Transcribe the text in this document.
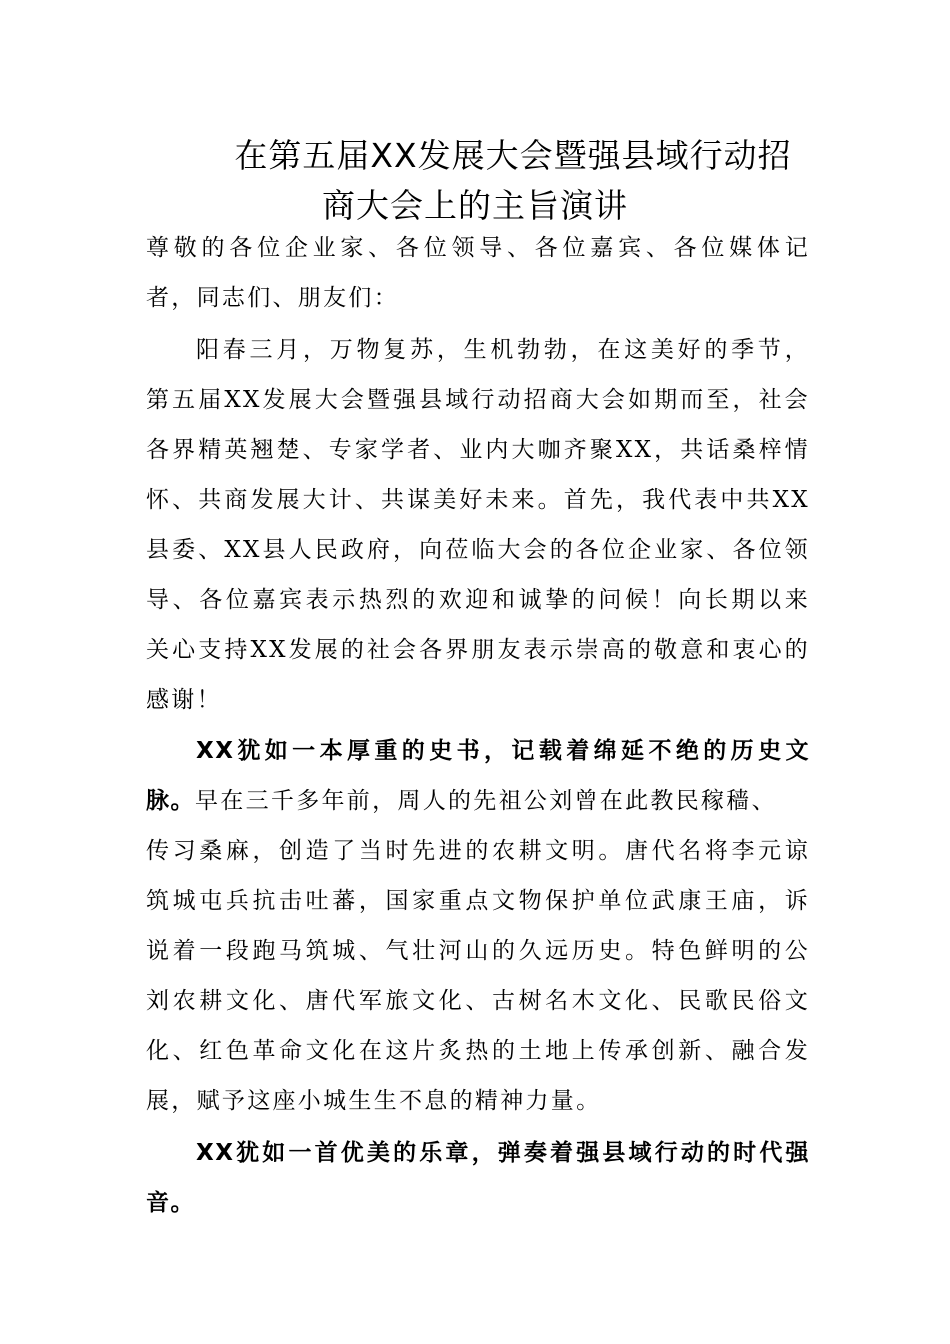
在第五届XX发展大会暨强县域行动招
商大会上的主旨演讲
尊敬的各位企业家、各位领导、各位嘉宾、各位媒体记
者，同志们、朋友们：
阳春三月，万物复苏，生机勃勃，在这美好的季节，
第五届XX发展大会暨强县域行动招商大会如期而至，社会
各界精英翘楚、专家学者、业内大咖齐聚XX，共话桑梓情
怀、共商发展大计、共谋美好未来。首先，我代表中共XX
县委、XX县人民政府，向莅临大会的各位企业家、各位领
导、各位嘉宾表示热烈的欢迎和诚挚的问候！向长期以来
关心支持XX发展的社会各界朋友表示崇高的敬意和衷心的
感谢！
XX犹如一本厚重的史书，记载着绵延不绝的历史文
脉。早在三千多年前，周人的先祖公刘曾在此教民稼穑、
传习桑麻，创造了当时先进的农耕文明。唐代名将李元谅
筑城屯兵抗击吐蕃，国家重点文物保护单位武康王庙，诉
说着一段跑马筑城、气壮河山的久远历史。特色鲜明的公
刘农耕文化、唐代军旅文化、古树名木文化、民歌民俗文
化、红色革命文化在这片炙热的土地上传承创新、融合发
展，赋予这座小城生生不息的精神力量。
XX犹如一首优美的乐章，弹奏着强县域行动的时代强
音。
